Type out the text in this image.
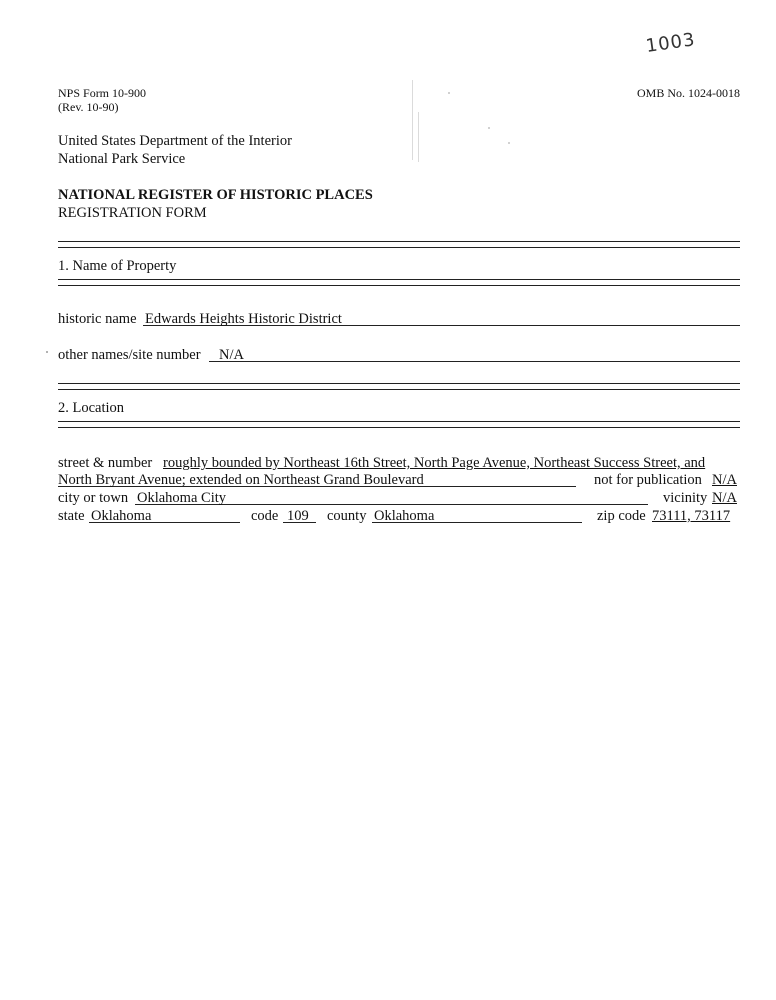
1003
NPS Form 10-900
(Rev. 10-90)
OMB No. 1024-0018
United States Department of the Interior
National Park Service
NATIONAL REGISTER OF HISTORIC PLACES
REGISTRATION FORM
1. Name of Property
historic name Edwards Heights Historic District
other names/site number N/A
2. Location
street & number roughly bounded by Northeast 16th Street, North Page Avenue, Northeast Success Street, and
North Bryant Avenue; extended on Northeast Grand Boulevard	not for publication N/A
city or town Oklahoma City	vicinity N/A
state Oklahoma	code 109 county Oklahoma	zip code 73111, 73117
